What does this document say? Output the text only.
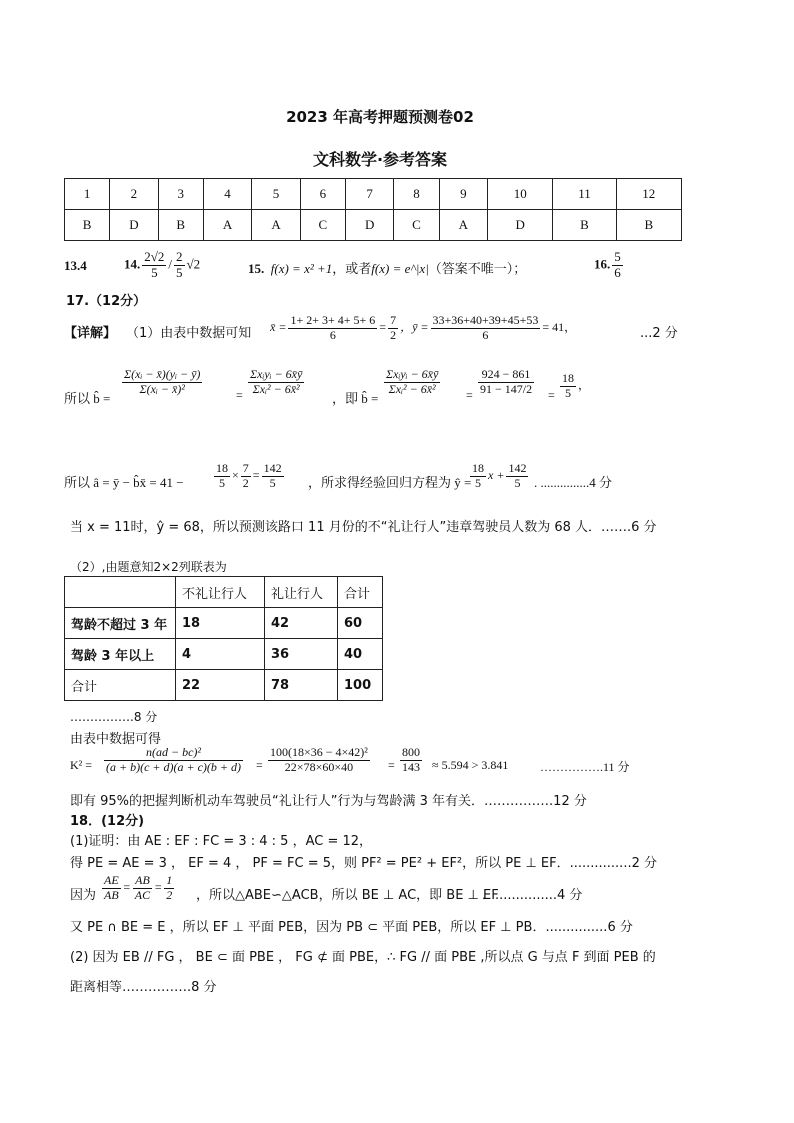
2023 年高考押题预测卷02
文科数学·参考答案
1	2	3	4	5	6	7	8	9	10	11	12
B	D	B	A	A	C	D	C	A	D	B	B
13.4	14. $\frac{2√2}{5} / \frac{2}{5} √2$	15. f(x) = x² +1，或者f(x) = e^|x|（答案不唯一）；	16. $\frac{5}{6}$
17.（12分）
【详解】 （1）由表中数据可知 x̄ = $\frac{1+ 2+ 3+ 4+ 5+ 6}{6} = \frac{7}{2}$ ，ȳ = $\frac{33+36+40+39+45+53}{6} = 41$，	...2 分
所以 b̂ =
$\frac{\text{Σ(xᵢ − x̄)(yᵢ − ȳ)}}{\text{Σ(xᵢ − x̄)²}}$	= $\frac{\text{Σxᵢyᵢ − 6x̄ȳ}}{\text{Σxᵢ² − 6x̄²}}$
，即 b̂ =
$\frac{\text{Σxᵢyᵢ − 6x̄ȳ}}{\text{Σxᵢ² − 6x̄²}} = \frac{924 - 861}{91 - 147/2} = \frac{18}{5}$ ，
所以 â = ȳ − b̂x̄ = 41 −	$\frac{18}{5} \times \frac{7}{2} = \frac{142}{5}$ ，所求得经验回归方程为 ŷ =
$\frac{18}{5}$ $x + \frac{142}{5}$ . ...............4 分
当 x = 11时，ŷ = 68，所以预测该路口 11 月份的不“礼让行人”违章驾驶员人数为 68 人．…….6 分
（2）,由题意知2×2列联表为
	不礼让行人	礼让行人	合计
驾龄不超过 3 年	18	42	60
驾龄 3 年以上	4	36	40
合计	22	78	100
…………….8 分
由表中数据可得
$K^2 = \frac{\text{n(ad − bc)²}}{(a + b)(c + d)(a + c)(b + d)} = \frac{\text{100(18×36 − 4×42)²}}{22\times 78\times 60\times 40} = \frac{800}{143} \approx 5.594 > 3.841$	…………….11 分
即有 95%的把握判断机动车驾驶员“礼让行人”行为与驾龄满 3 年有关．…………….12 分
18．(12分)
(1)证明：由 AE : EF : FC = 3 : 4 : 5 ，AC = 12，
得 PE = AE = 3 ， EF = 4 ， PF = FC = 5，则 PF² = PE² + EF²，所以 PE ⊥ EF．...............2 分
因为 $\frac{AE}{AB} = \frac{AB}{AC} = \frac{1}{2}$ ，所以△ABE∽△ACB，所以 BE ⊥ AC，即 BE ⊥ EF
．...............4 分
又 PE ∩ BE = E ，所以 EF ⊥ 平面 PEB，因为 PB ⊂ 平面 PEB，所以 EF ⊥ PB．...............6 分
(2) 因为 EB // FG ， BE ⊂ 面 PBE ， FG ⊄ 面 PBE，∴ FG // 面 PBE ,所以点 G 与点 F 到面 PEB 的
距离相等…………….8 分
